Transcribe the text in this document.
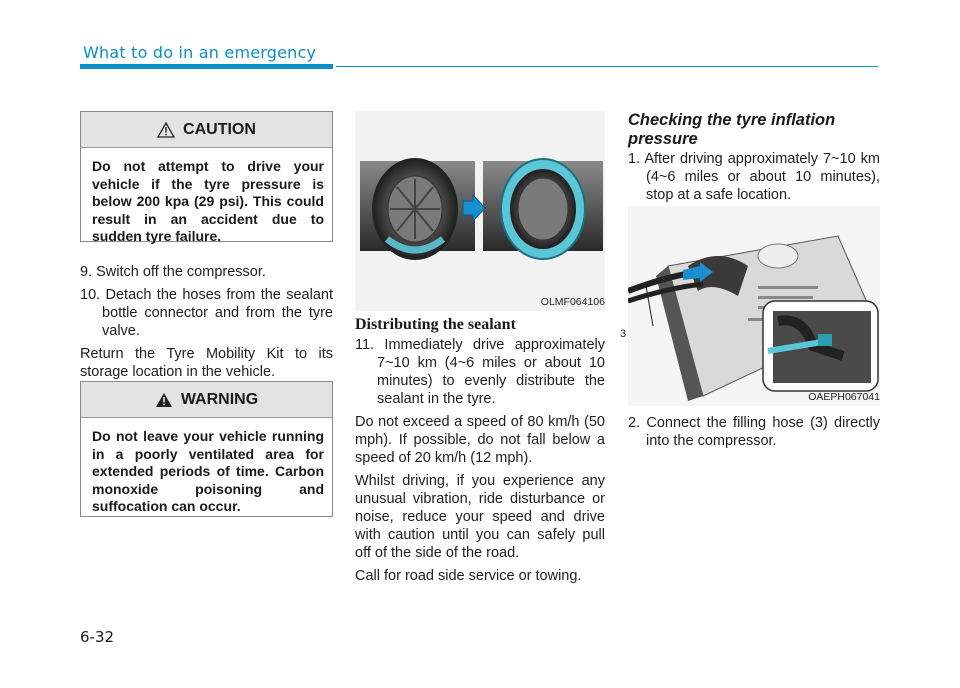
What to do in an emergency
CAUTION
Do not attempt to drive your vehicle if the tyre pressure is below 200 kpa (29 psi). This could result in an accident due to sudden tyre failure.

9. Switch off the compressor.

10. Detach the hoses from the sealant bottle connector and from the tyre valve.

Return the Tyre Mobility Kit to its storage location in the vehicle.

WARNING
Do not leave your vehicle running in a poorly ventilated area for extended periods of time. Carbon monoxide poisoning and suffocation can occur.
OLMF064106
Distributing the sealant

11. Immediately drive approximately 7~10 km (4~6 miles or about 10 minutes) to evenly distribute the sealant in the tyre.

Do not exceed a speed of 80 km/h (50 mph). If possible, do not fall below a speed of 20 km/h (12 mph).

Whilst driving, if you experience any unusual vibration, ride disturbance or noise, reduce your speed and drive with caution until you can safely pull off of the side of the road.

Call for road side service or towing.

Checking the tyre inflation pressure

1. After driving approximately 7~10 km (4~6 miles or about 10 minutes), stop at a safe location.

3
OAEPH067041

2. Connect the filling hose (3) directly into the compressor.

6-32
